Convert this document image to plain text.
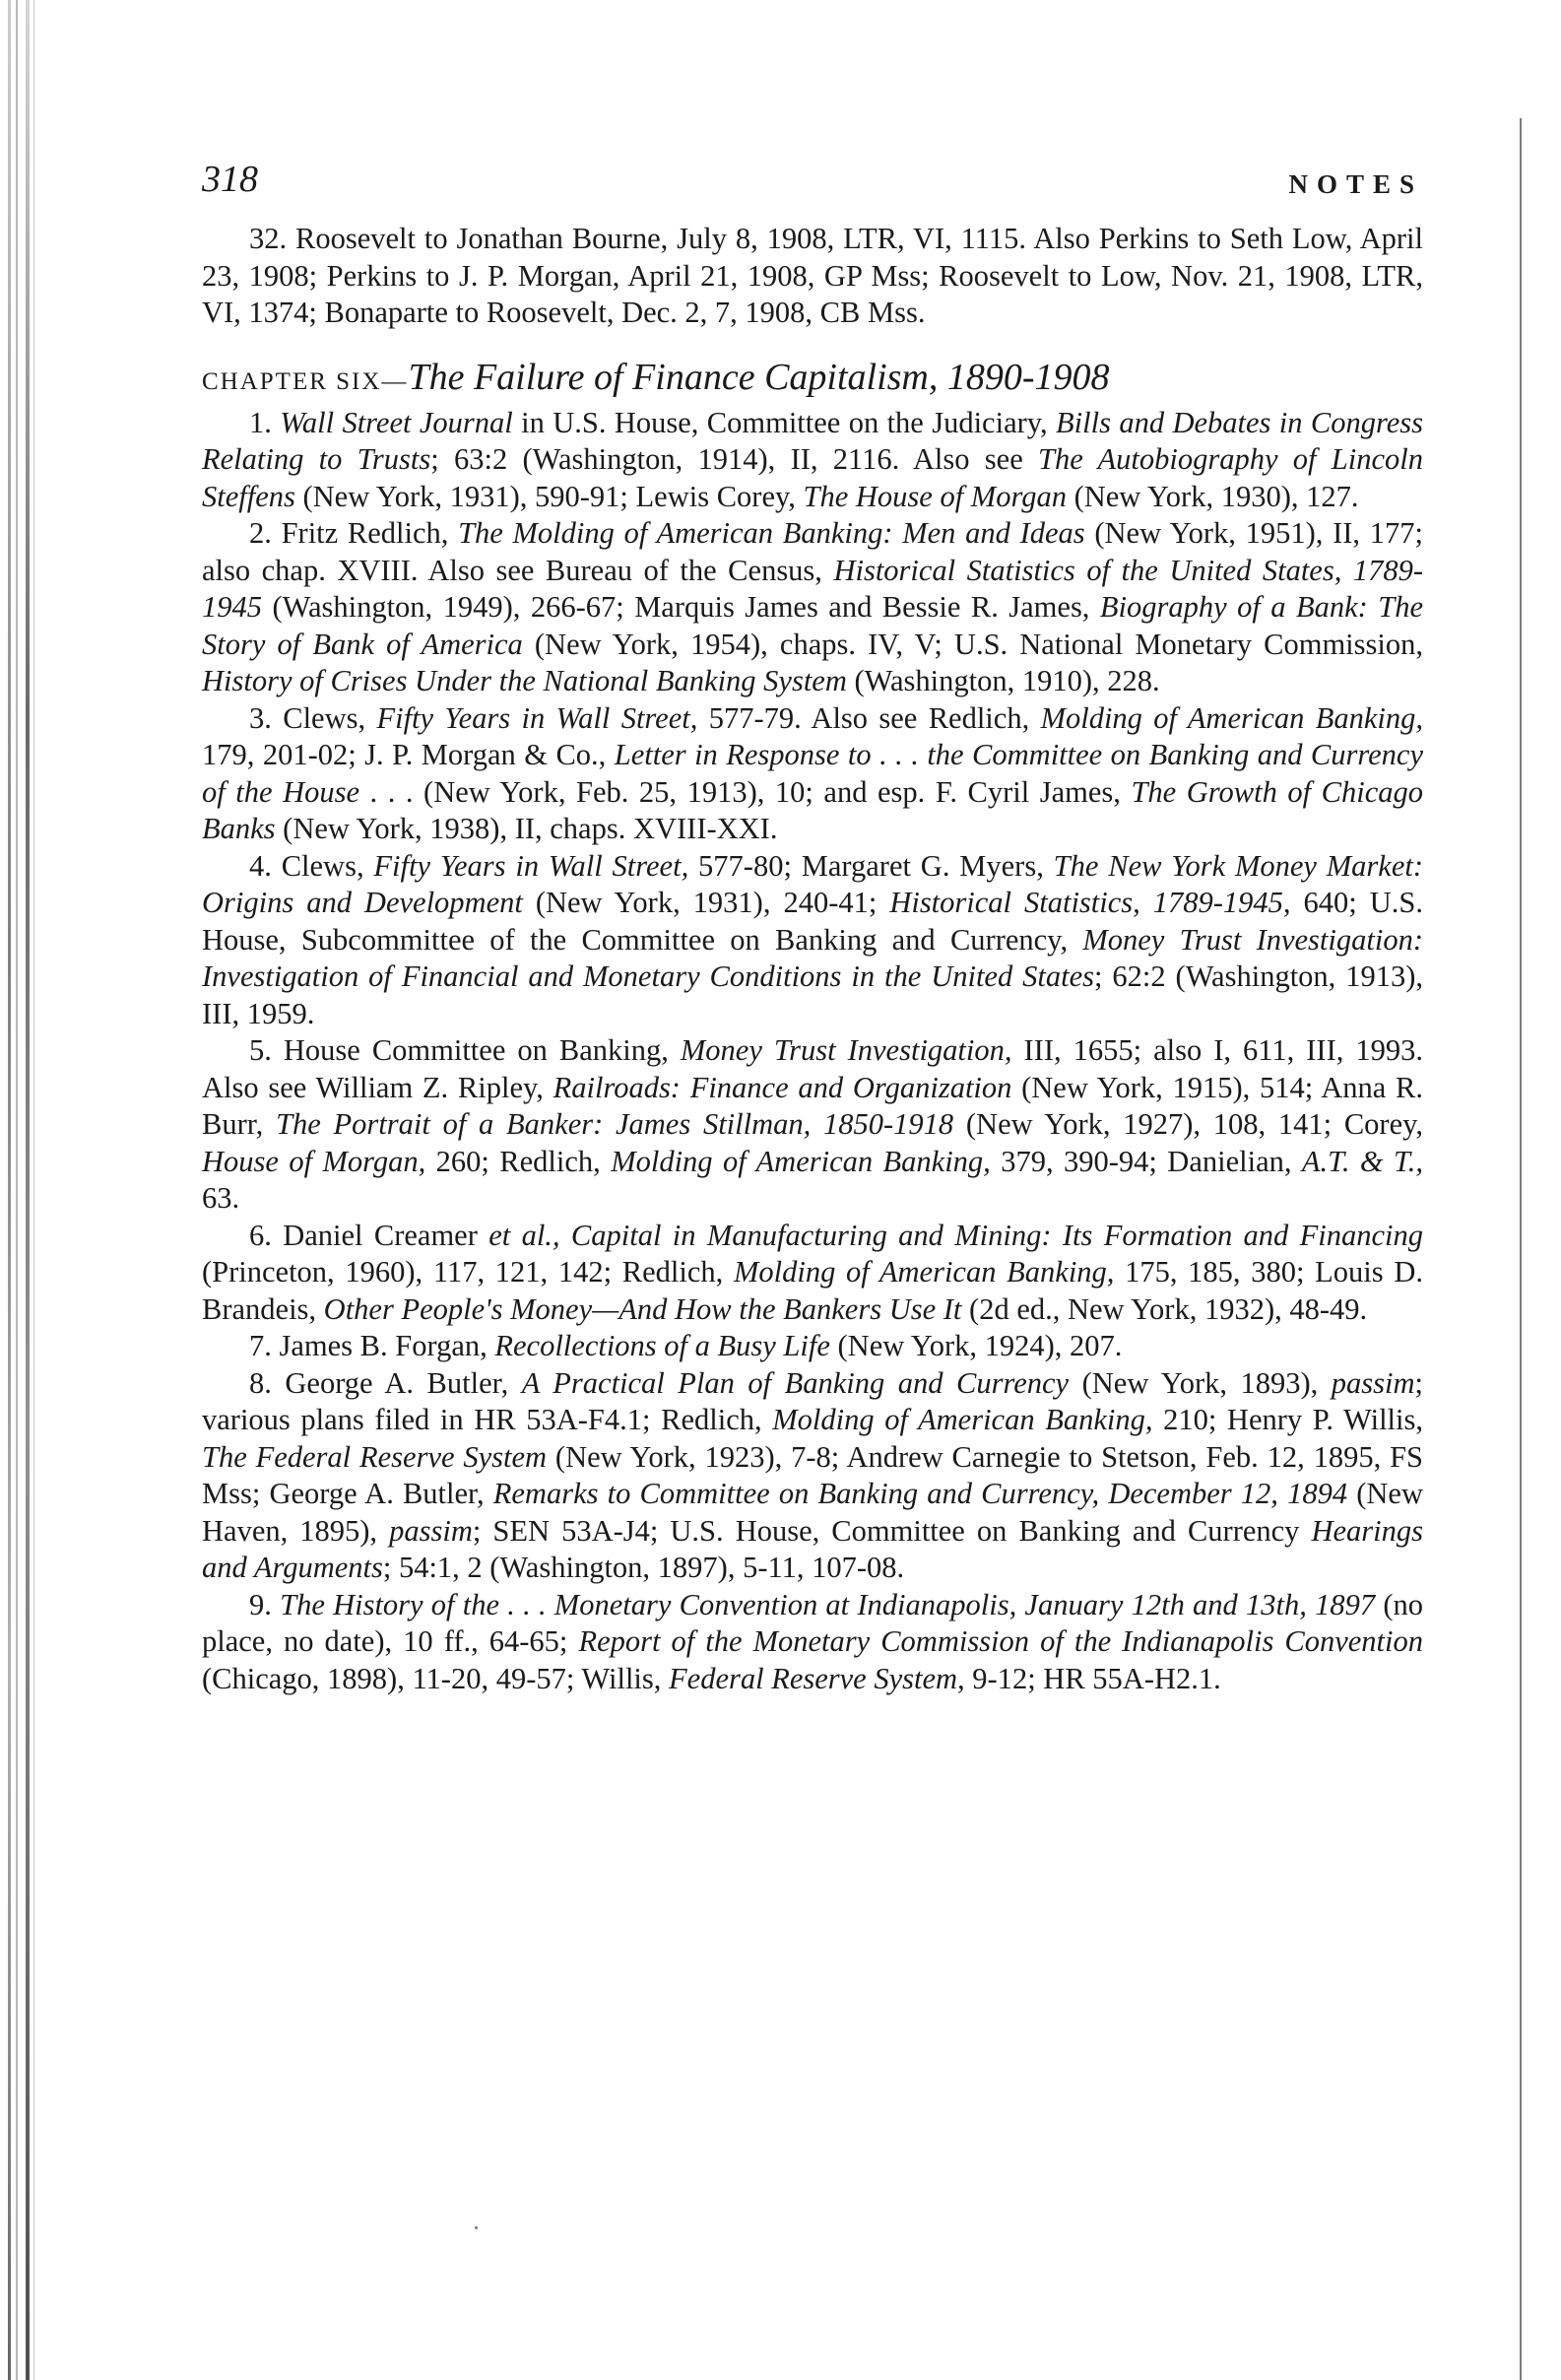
318	NOTES

32. Roosevelt to Jonathan Bourne, July 8, 1908, LTR, VI, 1115. Also Perkins to Seth Low, April 23, 1908; Perkins to J. P. Morgan, April 21, 1908, GP Mss; Roosevelt to Low, Nov. 21, 1908, LTR, VI, 1374; Bonaparte to Roosevelt, Dec. 2, 7, 1908, CB Mss.

CHAPTER SIX—The Failure of Finance Capitalism, 1890-1908

1. Wall Street Journal in U.S. House, Committee on the Judiciary, Bills and Debates in Congress Relating to Trusts; 63:2 (Washington, 1914), II, 2116. Also see The Autobiography of Lincoln Steffens (New York, 1931), 590-91; Lewis Corey, The House of Morgan (New York, 1930), 127.

2. Fritz Redlich, The Molding of American Banking: Men and Ideas (New York, 1951), II, 177; also chap. XVIII. Also see Bureau of the Census, Historical Statistics of the United States, 1789-1945 (Washington, 1949), 266-67; Marquis James and Bessie R. James, Biography of a Bank: The Story of Bank of America (New York, 1954), chaps. IV, V; U.S. National Monetary Commission, History of Crises Under the National Banking System (Washington, 1910), 228.

3. Clews, Fifty Years in Wall Street, 577-79. Also see Redlich, Molding of American Banking, 179, 201-02; J. P. Morgan & Co., Letter in Response to . . . the Committee on Banking and Currency of the House . . . (New York, Feb. 25, 1913), 10; and esp. F. Cyril James, The Growth of Chicago Banks (New York, 1938), II, chaps. XVIII-XXI.

4. Clews, Fifty Years in Wall Street, 577-80; Margaret G. Myers, The New York Money Market: Origins and Development (New York, 1931), 240-41; Historical Statistics, 1789-1945, 640; U.S. House, Subcommittee of the Committee on Banking and Currency, Money Trust Investigation: Investigation of Financial and Monetary Conditions in the United States; 62:2 (Washington, 1913), III, 1959.

5. House Committee on Banking, Money Trust Investigation, III, 1655; also I, 611, III, 1993. Also see William Z. Ripley, Railroads: Finance and Organization (New York, 1915), 514; Anna R. Burr, The Portrait of a Banker: James Stillman, 1850-1918 (New York, 1927), 108, 141; Corey, House of Morgan, 260; Redlich, Molding of American Banking, 379, 390-94; Danielian, A.T. & T., 63.

6. Daniel Creamer et al., Capital in Manufacturing and Mining: Its Formation and Financing (Princeton, 1960), 117, 121, 142; Redlich, Molding of American Banking, 175, 185, 380; Louis D. Brandeis, Other People's Money—And How the Bankers Use It (2d ed., New York, 1932), 48-49.

7. James B. Forgan, Recollections of a Busy Life (New York, 1924), 207.

8. George A. Butler, A Practical Plan of Banking and Currency (New York, 1893), passim; various plans filed in HR 53A-F4.1; Redlich, Molding of American Banking, 210; Henry P. Willis, The Federal Reserve System (New York, 1923), 7-8; Andrew Carnegie to Stetson, Feb. 12, 1895, FS Mss; George A. Butler, Remarks to Committee on Banking and Currency, December 12, 1894 (New Haven, 1895), passim; SEN 53A-J4; U.S. House, Committee on Banking and Currency Hearings and Arguments; 54:1, 2 (Washington, 1897), 5-11, 107-08.

9. The History of the . . . Monetary Convention at Indianapolis, January 12th and 13th, 1897 (no place, no date), 10 ff., 64-65; Report of the Monetary Commission of the Indianapolis Convention (Chicago, 1898), 11-20, 49-57; Willis, Federal Reserve System, 9-12; HR 55A-H2.1.
